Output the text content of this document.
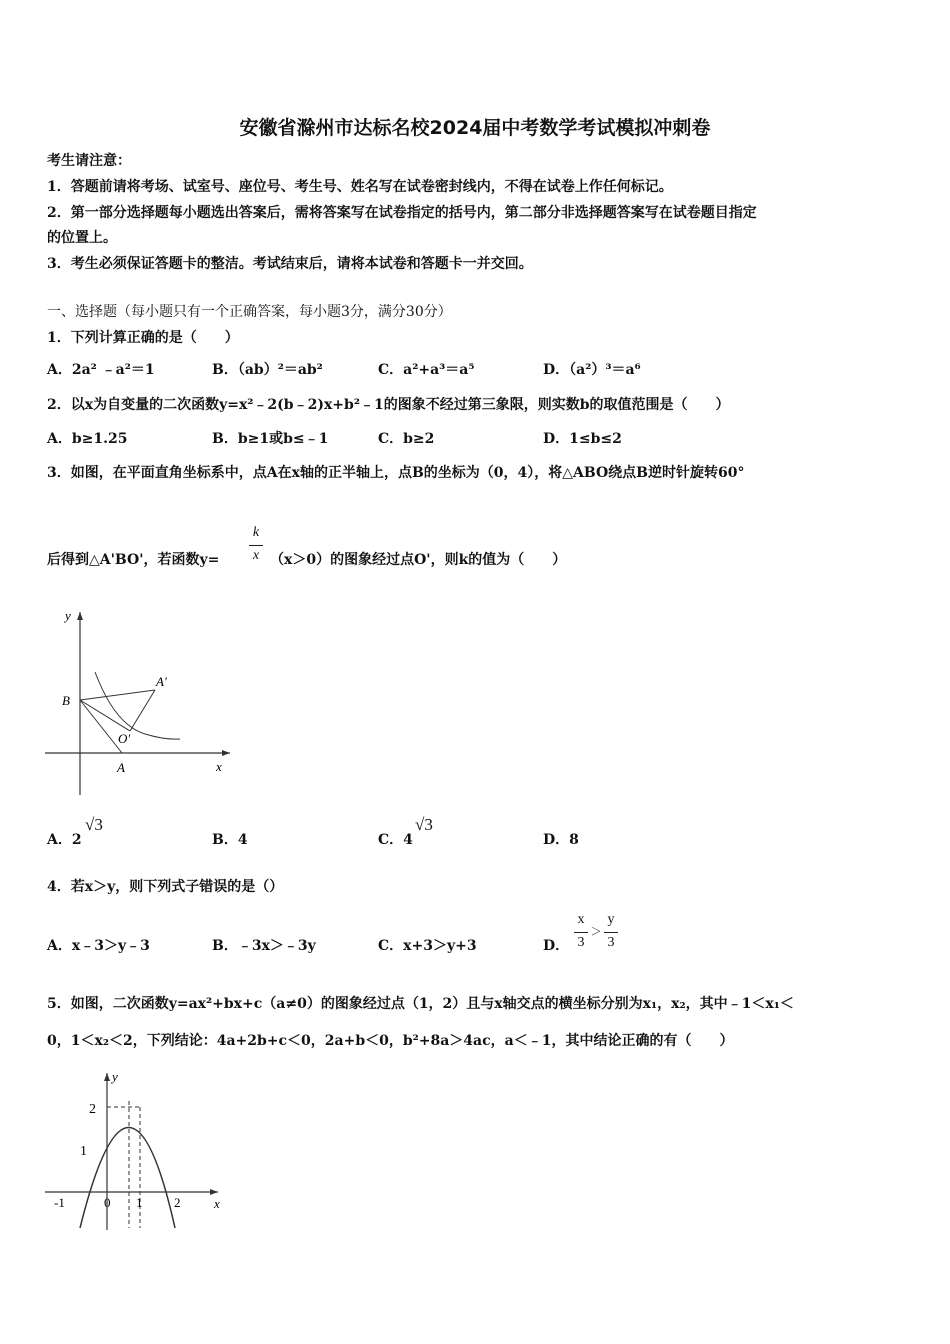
安徽省滁州市达标名校2024届中考数学考试模拟冲刺卷
考生请注意：
1．答题前请将考场、试室号、座位号、考生号、姓名写在试卷密封线内，不得在试卷上作任何标记。
2．第一部分选择题每小题选出答案后，需将答案写在试卷指定的括号内，第二部分非选择题答案写在试卷题目指定
的位置上。
3．考生必须保证答题卡的整洁。考试结束后，请将本试卷和答题卡一并交回。
一、选择题（每小题只有一个正确答案，每小题3分，满分30分）
1．下列计算正确的是（　　）
A．2a² ﹣a²＝1	B．（ab）²＝ab²	C．a²+a³＝a⁵	D．（a²）³＝a⁶
2．以x为自变量的二次函数y=x²﹣2(b﹣2)x+b²﹣1的图象不经过第三象限，则实数b的取值范围是（　　）
A．b≥1.25	B．b≥1或b≤﹣1	C．b≥2	D．1≤b≤2
3．如图，在平面直角坐标系中，点A在x轴的正半轴上，点B的坐标为（0，4），将△ABO绕点B逆时针旋转60°
后得到△A'BO'，若函数y=
k
x （x＞0）的图象经过点O'，则k的值为（　　）
y
x
B
A
A′
O′
A．2
√3
B．4	C．4
√3
D．8
4．若x＞y，则下列式子错误的是（）
A．x﹣3＞y﹣3	B．﹣3x＞﹣3y	C．x+3＞y+3	D．
x
3
＞
y
3
5．如图，二次函数y=ax²+bx+c（a≠0）的图象经过点（1，2）且与x轴交点的横坐标分别为x₁，x₂，其中﹣1＜x₁＜
0，1＜x₂＜2，下列结论：4a+2b+c＜0，2a+b＜0，b²+8a＞4ac，a＜﹣1，其中结论正确的有（　　）
y
x
-1	0 1 2
1
2
